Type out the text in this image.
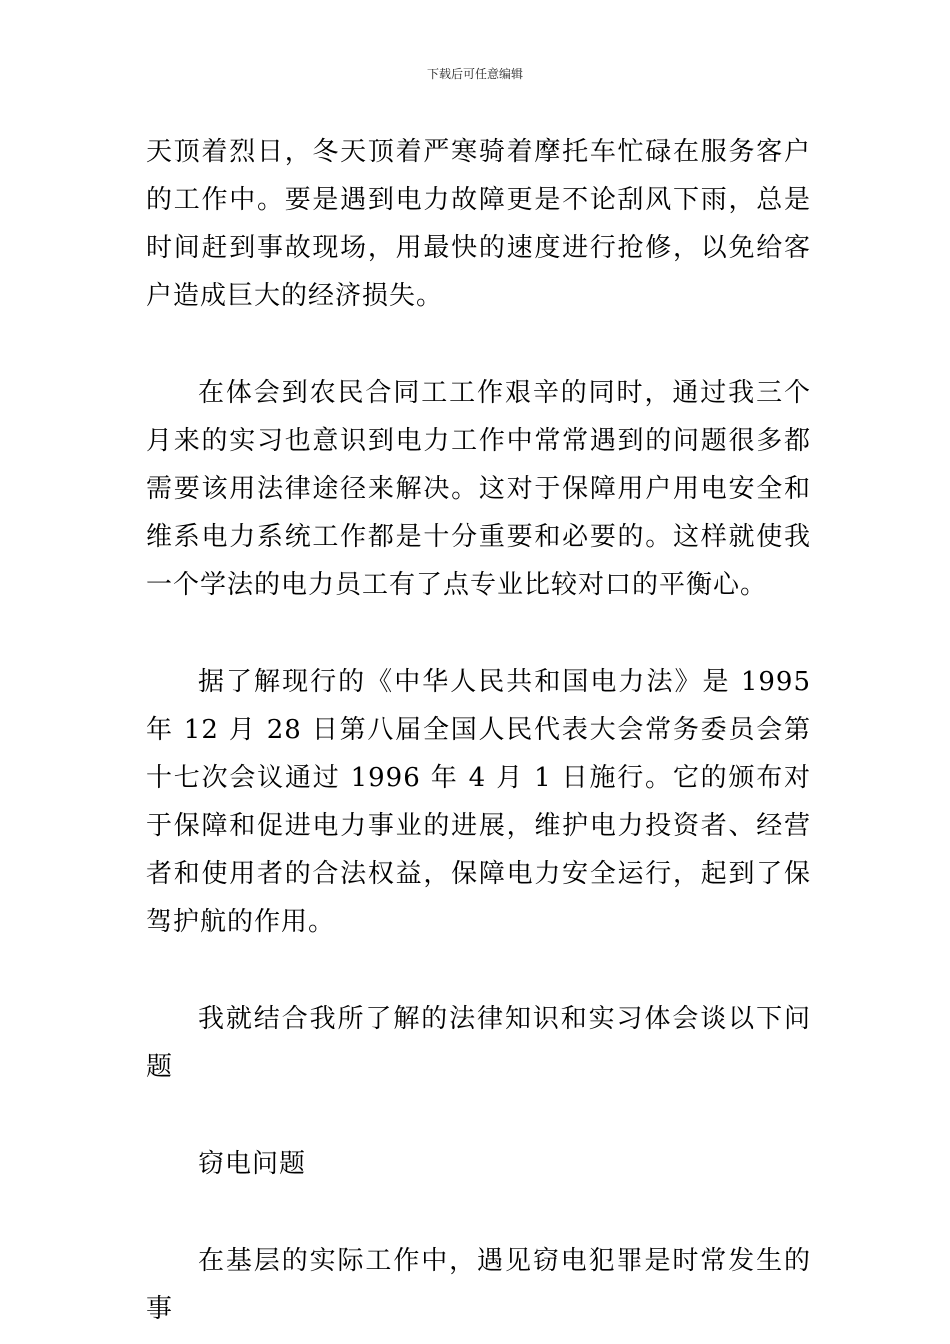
下载后可任意编辑

天顶着烈日，冬天顶着严寒骑着摩托车忙碌在服务客户的工作中。要是遇到电力故障更是不论刮风下雨，总是时间赶到事故现场，用最快的速度进行抢修，以免给客户造成巨大的经济损失。

在体会到农民合同工工作艰辛的同时，通过我三个月来的实习也意识到电力工作中常常遇到的问题很多都需要该用法律途径来解决。这对于保障用户用电安全和维系电力系统工作都是十分重要和必要的。这样就使我一个学法的电力员工有了点专业比较对口的平衡心。

据了解现行的《中华人民共和国电力法》是 1995 年 12 月 28 日第八届全国人民代表大会常务委员会第十七次会议通过 1996 年 4 月 1 日施行。它的颁布对于保障和促进电力事业的进展，维护电力投资者、经营者和使用者的合法权益，保障电力安全运行，起到了保驾护航的作用。

我就结合我所了解的法律知识和实习体会谈以下问题

窃电问题

在基层的实际工作中，遇见窃电犯罪是时常发生的事
